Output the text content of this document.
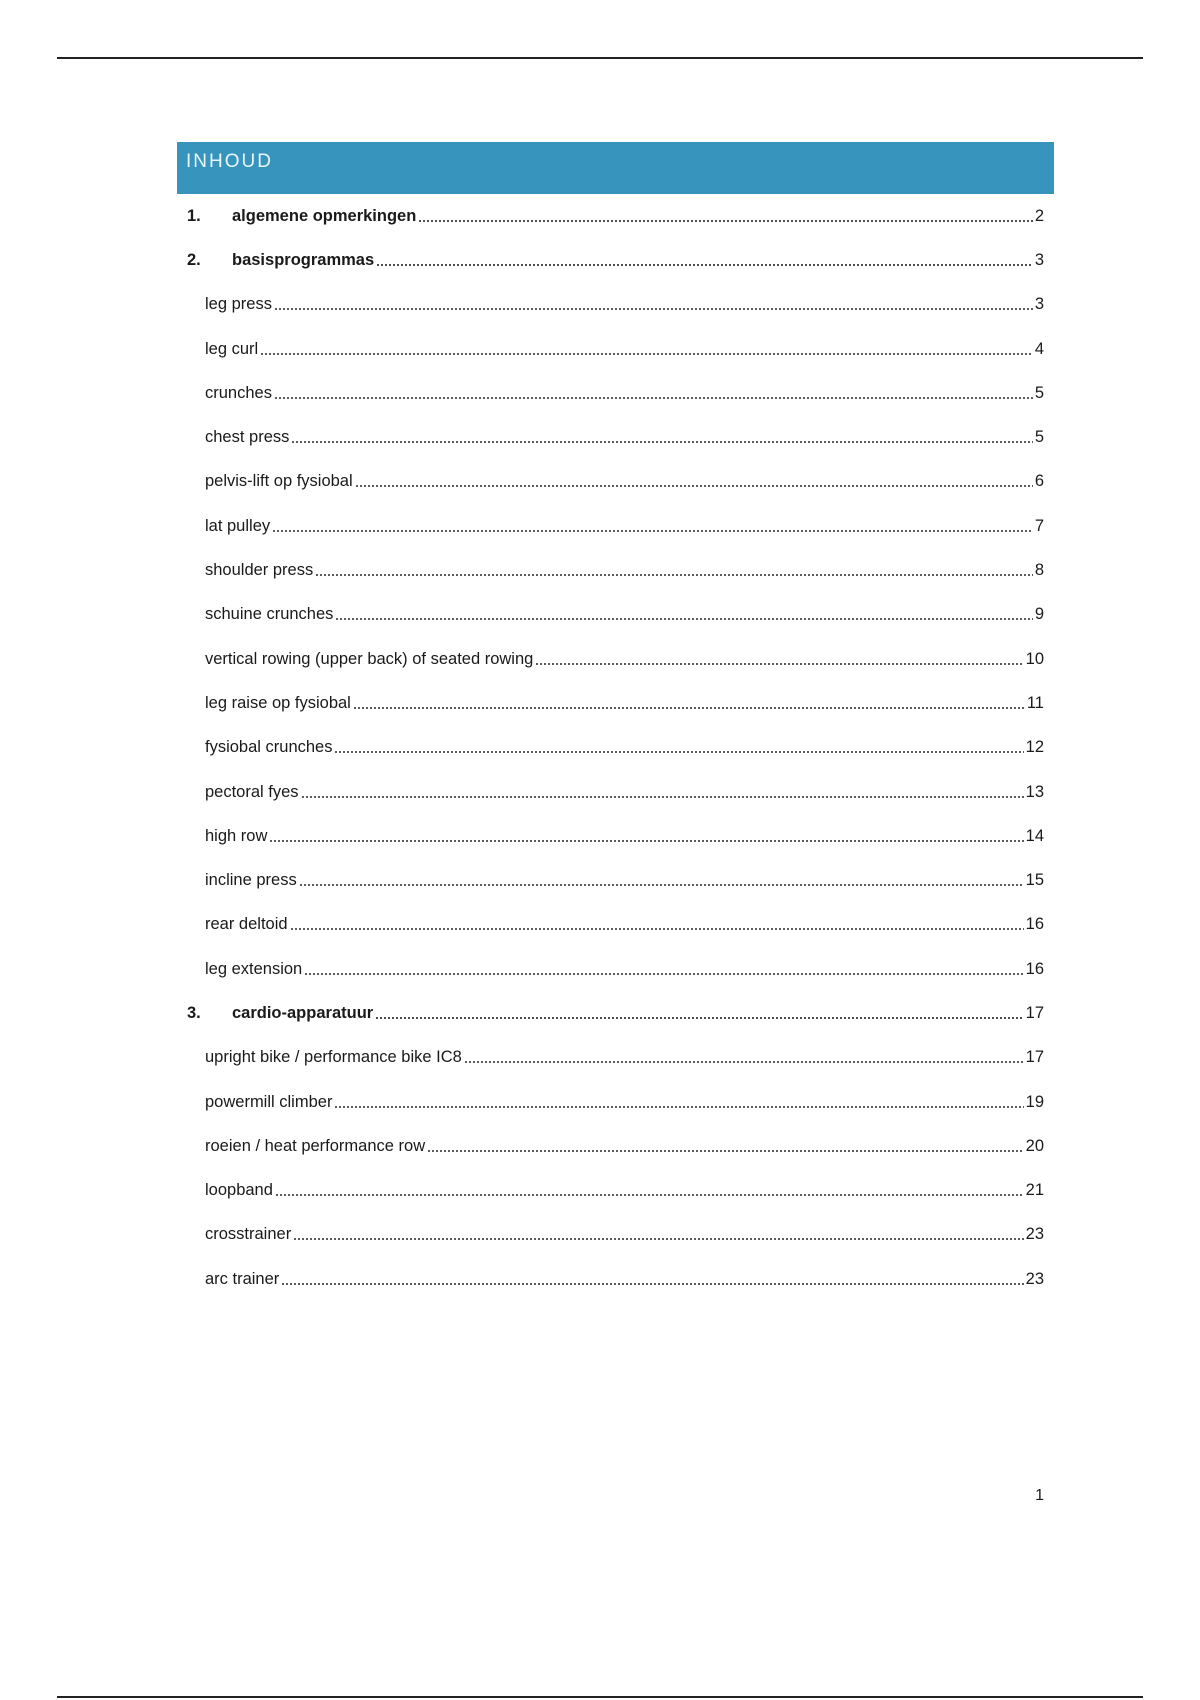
INHOUD
1.	algemene opmerkingen	2
2.	basisprogrammas	3
leg press	3
leg curl	4
crunches	5
chest press	5
pelvis-lift op fysiobal	6
lat pulley	7
shoulder press	8
schuine crunches	9
vertical rowing (upper back) of seated rowing	10
leg raise op fysiobal	11
fysiobal crunches	12
pectoral fyes	13
high row	14
incline press	15
rear deltoid	16
leg extension	16
3.	cardio-apparatuur	17
upright bike / performance bike IC8	17
powermill climber	19
roeien / heat performance row	20
loopband	21
crosstrainer	23
arc trainer	23
1
